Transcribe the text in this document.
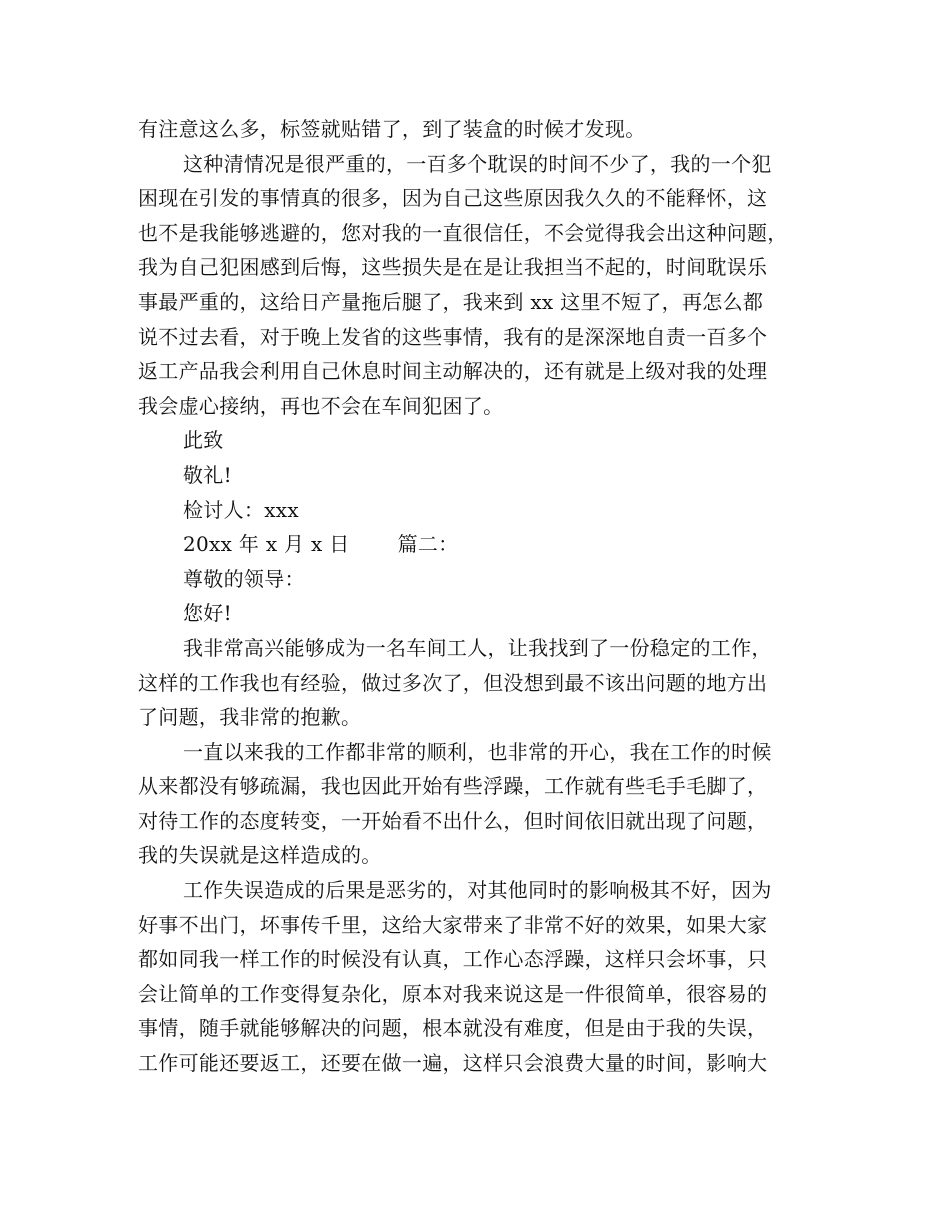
有注意这么多，标签就贴错了，到了装盒的时候才发现。
这种清情况是很严重的，一百多个耽误的时间不少了，我的一个犯
困现在引发的事情真的很多，因为自己这些原因我久久的不能释怀，这
也不是我能够逃避的，您对我的一直很信任，不会觉得我会出这种问题，
我为自己犯困感到后悔，这些损失是在是让我担当不起的，时间耽误乐
事最严重的，这给日产量拖后腿了，我来到 xx 这里不短了，再怎么都
说不过去看，对于晚上发省的这些事情，我有的是深深地自责一百多个
返工产品我会利用自己休息时间主动解决的，还有就是上级对我的处理
我会虚心接纳，再也不会在车间犯困了。
此致
敬礼!
检讨人：xxx
20xx 年 x 月 x 日 篇二：
尊敬的领导：
您好!
我非常高兴能够成为一名车间工人，让我找到了一份稳定的工作，
这样的工作我也有经验，做过多次了，但没想到最不该出问题的地方出
了问题，我非常的抱歉。
一直以来我的工作都非常的顺利，也非常的开心，我在工作的时候
从来都没有够疏漏，我也因此开始有些浮躁，工作就有些毛手毛脚了，
对待工作的态度转变，一开始看不出什么，但时间依旧就出现了问题，
我的失误就是这样造成的。
工作失误造成的后果是恶劣的，对其他同时的影响极其不好，因为
好事不出门，坏事传千里，这给大家带来了非常不好的效果，如果大家
都如同我一样工作的时候没有认真，工作心态浮躁，这样只会坏事，只
会让简单的工作变得复杂化，原本对我来说这是一件很简单，很容易的
事情，随手就能够解决的问题，根本就没有难度，但是由于我的失误，
工作可能还要返工，还要在做一遍，这样只会浪费大量的时间，影响大
